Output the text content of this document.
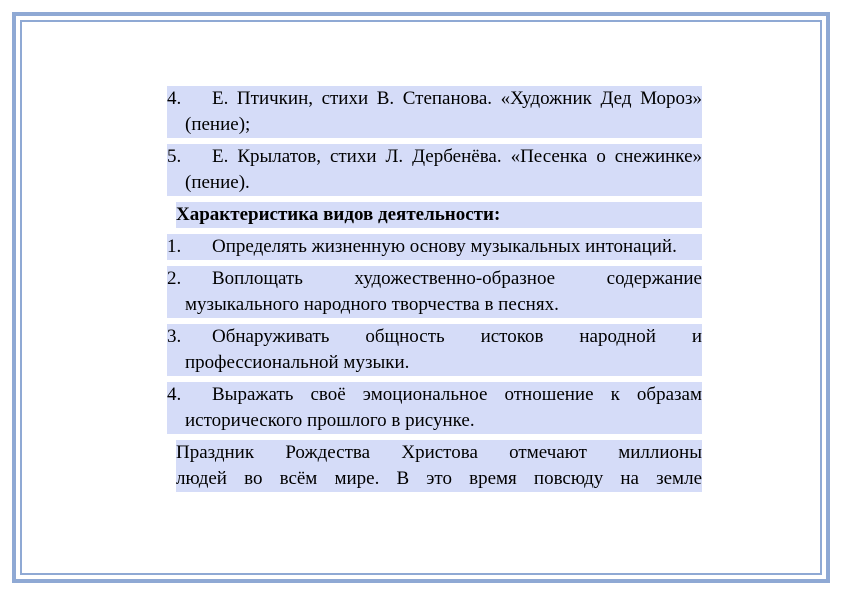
4.	Е. Птичкин, стихи В. Степанова. «Художник Дед Мороз» (пение);
5.	Е. Крылатов, стихи Л. Дербенёва. «Песенка о снежинке» (пение).
Характеристика видов деятельности:
1.	Определять жизненную основу музыкальных интонаций.
2.	Воплощать художественно-образное содержание музыкального народного творчества в песнях.
3.	Обнаруживать общность истоков народной и профессиональной музыки.
4.	Выражать своё эмоциональное отношение к образам исторического прошлого в рисунке.
Праздник Рождества Христова отмечают миллионы
людей во всём мире. В это время повсюду на земле
